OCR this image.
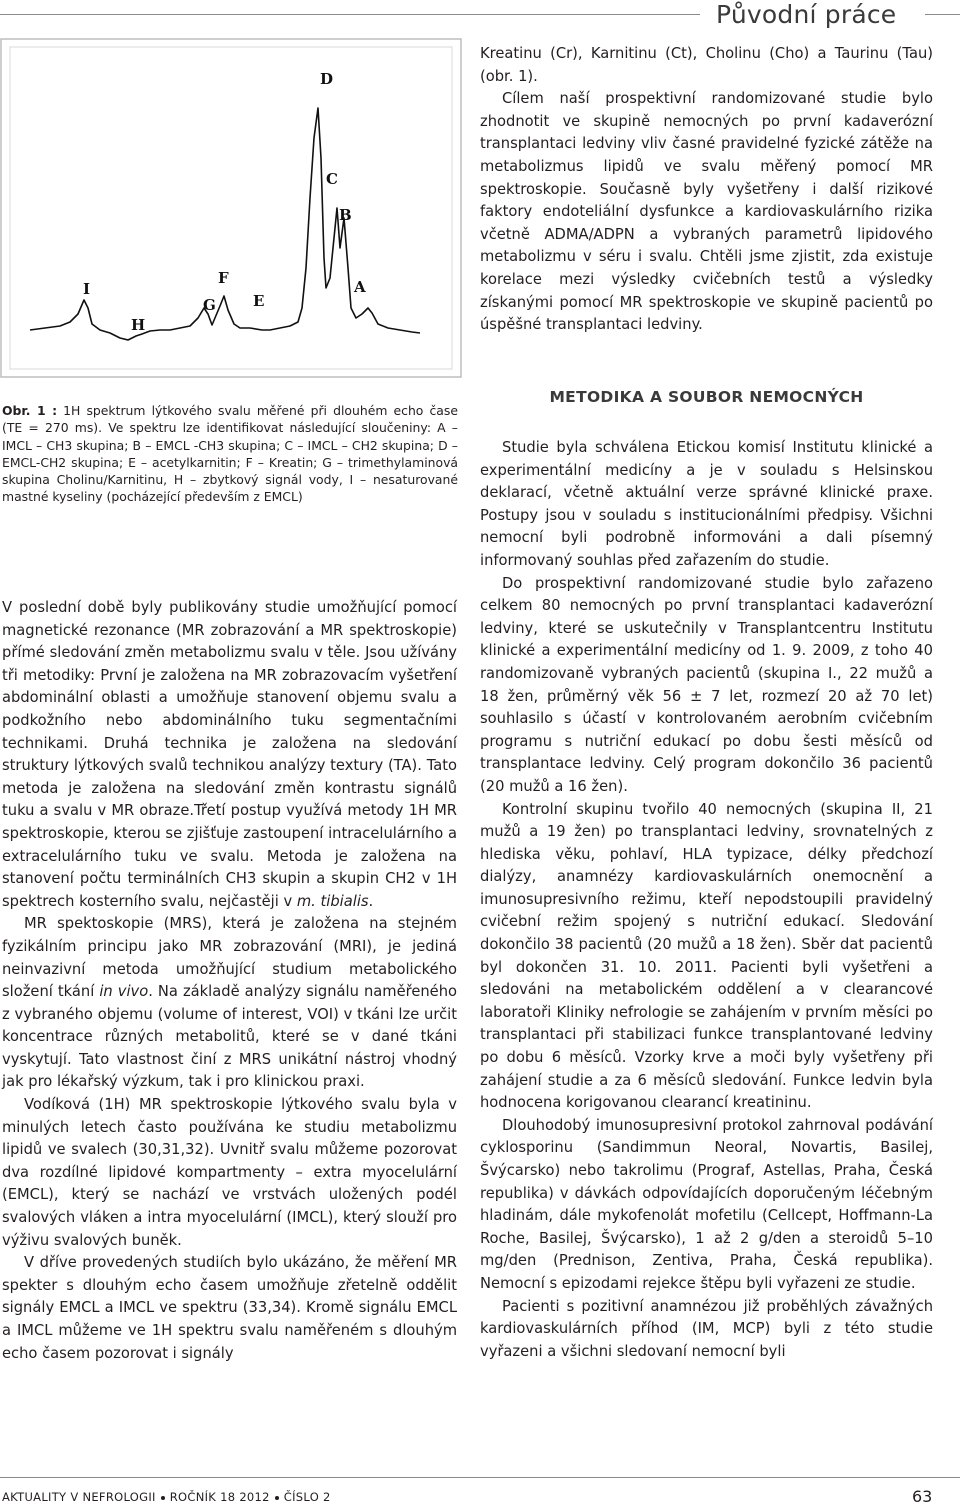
Původní práce
D
C
B
F
G E
I
H
A
Obr. 1 : 1H spektrum lýtkového svalu měřené při dlouhém echo čase (TE = 270 ms). Ve spektru lze identifikovat následující sloučeniny: A – IMCL – CH3 skupina; B – EMCL -CH3 skupina; C – IMCL – CH2 skupina; D – EMCL-CH2 skupina; E – acetylkarnitin; F – Kreatin; G – trimethylaminová skupina Cholinu/Karnitinu, H – zbytkový signál vody, I – nesaturované mastné kyseliny (pocházející především z EMCL)

Kreatinu (Cr), Karnitinu (Ct), Cholinu (Cho) a Taurinu (Tau) (obr. 1).

Cílem naší prospektivní randomizované studie bylo zhodnotit ve skupině nemocných po první kadaverózní transplantaci ledviny vliv časné pravidelné fyzické zátěže na metabolizmus lipidů ve svalu měřený pomocí MR spektroskopie. Současně byly vyšetřeny i další rizikové faktory endoteliální dysfunkce a kardiovaskulárního rizika včetně ADMA/ADPN a vybraných parametrů lipidového metabolizmu v séru i svalu. Chtěli jsme zjistit, zda existuje korelace mezi výsledky cvičebních testů a výsledky získanými pomocí MR spektroskopie ve skupině pacientů po úspěšné transplantaci ledviny.

V poslední době byly publikovány studie umožňující pomocí magnetické rezonance (MR zobrazování a MR spektroskopie) přímé sledování změn metabolizmu svalu v těle. Jsou užívány tři metodiky: První je založena na MR zobrazovacím vyšetření abdominální oblasti a umožňuje stanovení objemu svalu a podkožního nebo abdominálního tuku segmentačními technikami. Druhá technika je založena na sledování struktury lýtkových svalů technikou analýzy textury (TA). Tato metoda je založena na sledování změn kontrastu signálů tuku a svalu v MR obraze.Třetí postup využívá metody 1H MR spektroskopie, kterou se zjišťuje zastoupení intracelulárního a extracelulárního tuku ve svalu. Metoda je založena na stanovení počtu terminálních CH3 skupin a skupin CH2 v 1H spektrech kosterního svalu, nejčastěji v m. tibialis.

MR spektoskopie (MRS), která je založena na stejném fyzikálním principu jako MR zobrazování (MRI), je jediná neinvazivní metoda umožňující studium metabolického složení tkání in vivo. Na základě analýzy signálu naměřeného z vybraného objemu (volume of interest, VOI) v tkáni lze určit koncentrace různých metabolitů, které se v dané tkáni vyskytují. Tato vlastnost činí z MRS unikátní nástroj vhodný jak pro lékařský výzkum, tak i pro klinickou praxi.

Vodíková (1H) MR spektroskopie lýtkového svalu byla v minulých letech často používána ke studiu metabolizmu lipidů ve svalech (30,31,32). Uvnitř svalu můžeme pozorovat dva rozdílné lipidové kompartmenty – extra myocelulární (EMCL), který se nachází ve vrstvách uložených podél svalových vláken a intra myocelulární (IMCL), který slouží pro výživu svalových buněk.

V dříve provedených studiích bylo ukázáno, že měření MR spekter s dlouhým echo časem umožňuje zřetelně oddělit signály EMCL a IMCL ve spektru (33,34). Kromě signálu EMCL a IMCL můžeme ve 1H spektru svalu naměřeném s dlouhým echo časem pozorovat i signály

METODIKA A SOUBOR NEMOCNÝCH

Studie byla schválena Etickou komisí Institutu klinické a experimentální medicíny a je v souladu s Helsinskou deklarací, včetně aktuální verze správné klinické praxe. Postupy jsou v souladu s institucionálními předpisy. Všichni nemocní byli podrobně informováni a dali písemný informovaný souhlas před zařazením do studie.

Do prospektivní randomizované studie bylo zařazeno celkem 80 nemocných po první transplantaci kadaverózní ledviny, které se uskutečnily v Transplantcentru Institutu klinické a experimentální medicíny od 1. 9. 2009, z toho 40 randomizovaně vybraných pacientů (skupina I., 22 mužů a 18 žen, průměrný věk 56 ± 7 let, rozmezí 20 až 70 let) souhlasilo s účastí v kontrolovaném aerobním cvičebním programu s nutriční edukací po dobu šesti měsíců od transplantace ledviny. Celý program dokončilo 36 pacientů (20 mužů a 16 žen).

Kontrolní skupinu tvořilo 40 nemocných (skupina II, 21 mužů a 19 žen) po transplantaci ledviny, srovnatelných z hlediska věku, pohlaví, HLA typizace, délky předchozí dialýzy, anamnézy kardiovaskulárních onemocnění a imunosupresivního režimu, kteří nepodstoupili pravidelný cvičební režim spojený s nutriční edukací. Sledování dokončilo 38 pacientů (20 mužů a 18 žen). Sběr dat pacientů byl dokončen 31. 10. 2011. Pacienti byli vyšetřeni a sledováni na metabolickém oddělení a v clearancové laboratoři Kliniky nefrologie se zahájením v prvním měsíci po transplantaci při stabilizaci funkce transplantované ledviny po dobu 6 měsíců. Vzorky krve a moči byly vyšetřeny při zahájení studie a za 6 měsíců sledování. Funkce ledvin byla hodnocena korigovanou clearancí kreatininu.

Dlouhodobý imunosupresivní protokol zahrnoval podávání cyklosporinu (Sandimmun Neoral, Novartis, Basilej, Švýcarsko) nebo takrolimu (Prograf, Astellas, Praha, Česká republika) v dávkách odpovídajících doporučeným léčebným hladinám, dále mykofenolát mofetilu (Cellcept, Hoffmann-La Roche, Basilej, Švýcarsko), 1 až 2 g/den a steroidů 5–10 mg/den (Prednison, Zentiva, Praha, Česká republika). Nemocní s epizodami rejekce štěpu byli vyřazeni ze studie.

Pacienti s pozitivní anamnézou již proběhlých závažných kardiovaskulárních příhod (IM, MCP) byli z této studie vyřazeni a všichni sledovaní nemocní byli

AKTUALITY V NEFROLOGII ROČNÍK 18 2012 ČÍSLO 2	63
